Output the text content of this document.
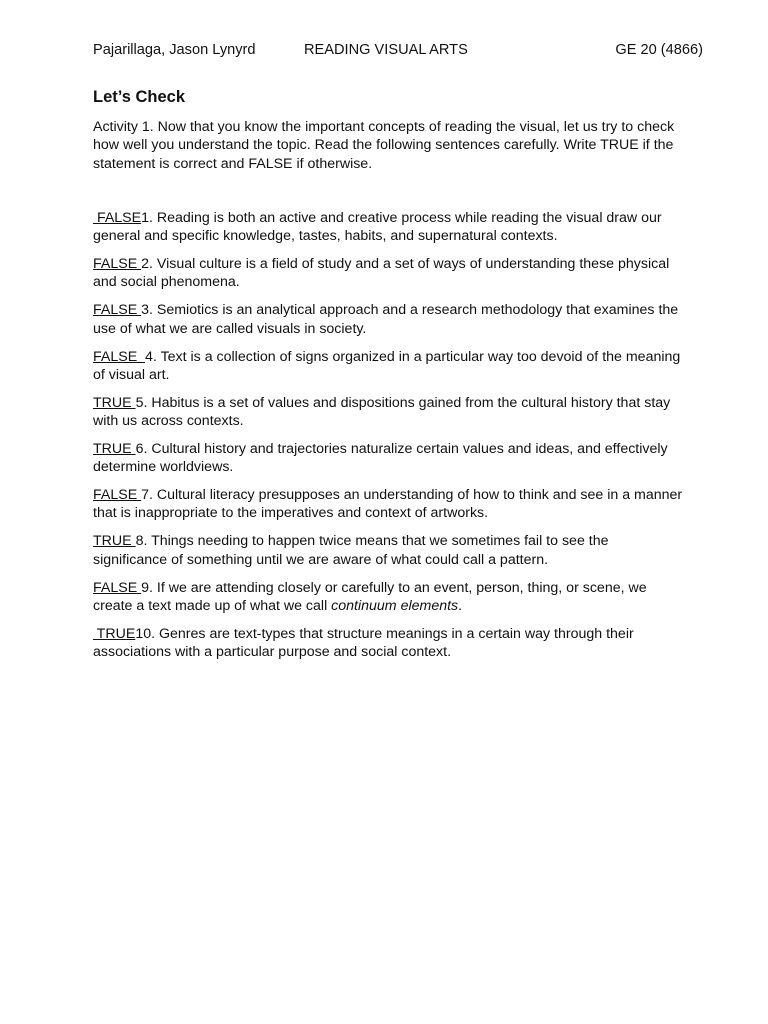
Pajarillaga, Jason Lynyrd	READING VISUAL ARTS	GE 20 (4866)
Let’s Check

Activity 1. Now that you know the important concepts of reading the visual, let us try to check how well you understand the topic. Read the following sentences carefully. Write TRUE if the statement is correct and FALSE if otherwise.

FALSE1. Reading is both an active and creative process while reading the visual draw our general and specific knowledge, tastes, habits, and supernatural contexts.
FALSE 2. Visual culture is a field of study and a set of ways of understanding these physical and social phenomena.
FALSE 3. Semiotics is an analytical approach and a research methodology that examines the use of what we are called visuals in society.
FALSE  4. Text is a collection of signs organized in a particular way too devoid of the meaning of visual art.
TRUE 5. Habitus is a set of values and dispositions gained from the cultural history that stay with us across contexts.
TRUE 6. Cultural history and trajectories naturalize certain values and ideas, and effectively determine worldviews.
FALSE 7. Cultural literacy presupposes an understanding of how to think and see in a manner that is inappropriate to the imperatives and context of artworks.
TRUE 8. Things needing to happen twice means that we sometimes fail to see the significance of something until we are aware of what could call a pattern.
FALSE 9. If we are attending closely or carefully to an event, person, thing, or scene, we create a text made up of what we call continuum elements.
TRUE10. Genres are text-types that structure meanings in a certain way through their associations with a particular purpose and social context.
